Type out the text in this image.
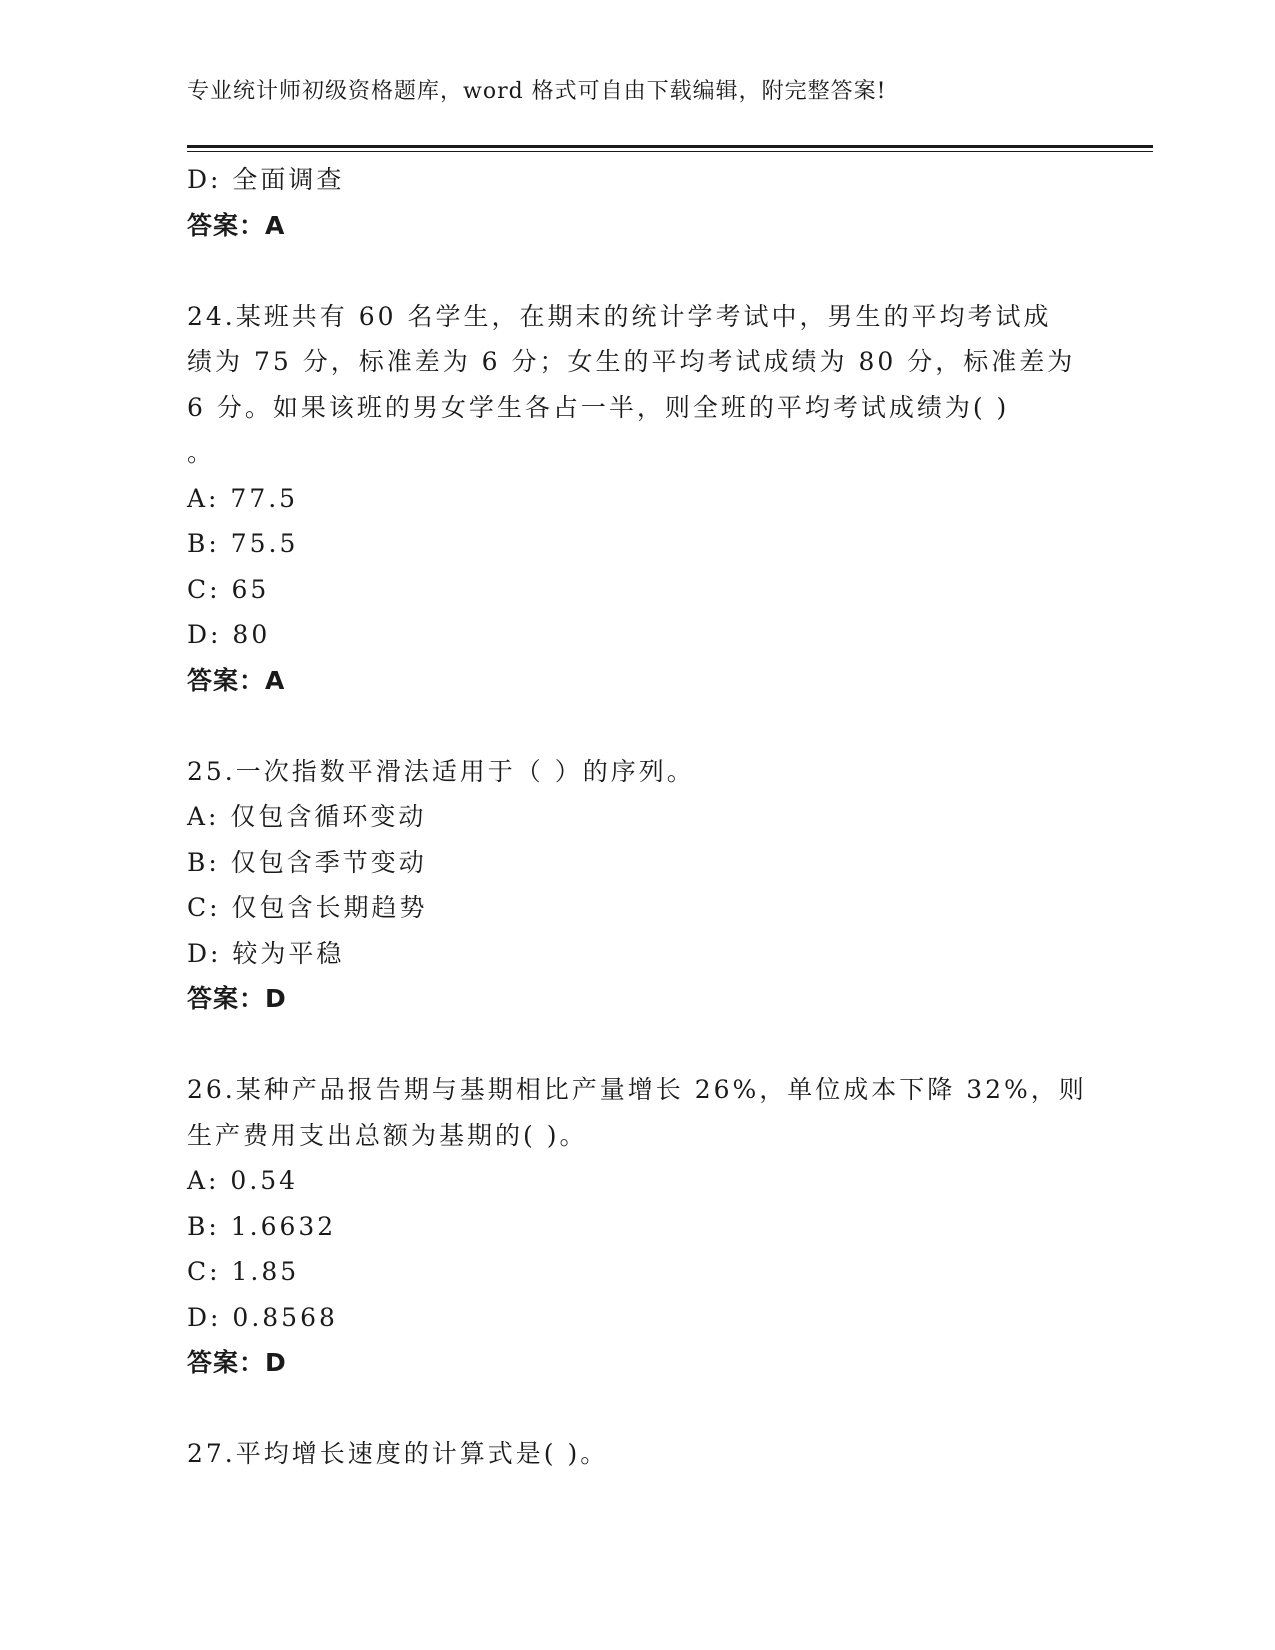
专业统计师初级资格题库，word 格式可自由下载编辑，附完整答案!
D: 全面调查
答案：A
24.某班共有 60 名学生，在期末的统计学考试中，男生的平均考试成
绩为 75 分，标准差为 6 分；女生的平均考试成绩为 80 分，标准差为
6 分。如果该班的男女学生各占一半，则全班的平均考试成绩为( )
。
A: 77.5
B: 75.5
C: 65
D: 80
答案：A
25.一次指数平滑法适用于（ ）的序列。
A: 仅包含循环变动
B: 仅包含季节变动
C: 仅包含长期趋势
D: 较为平稳
答案：D
26.某种产品报告期与基期相比产量增长 26%，单位成本下降 32%，则
生产费用支出总额为基期的( )。
A: 0.54
B: 1.6632
C: 1.85
D: 0.8568
答案：D
27.平均增长速度的计算式是( )。
